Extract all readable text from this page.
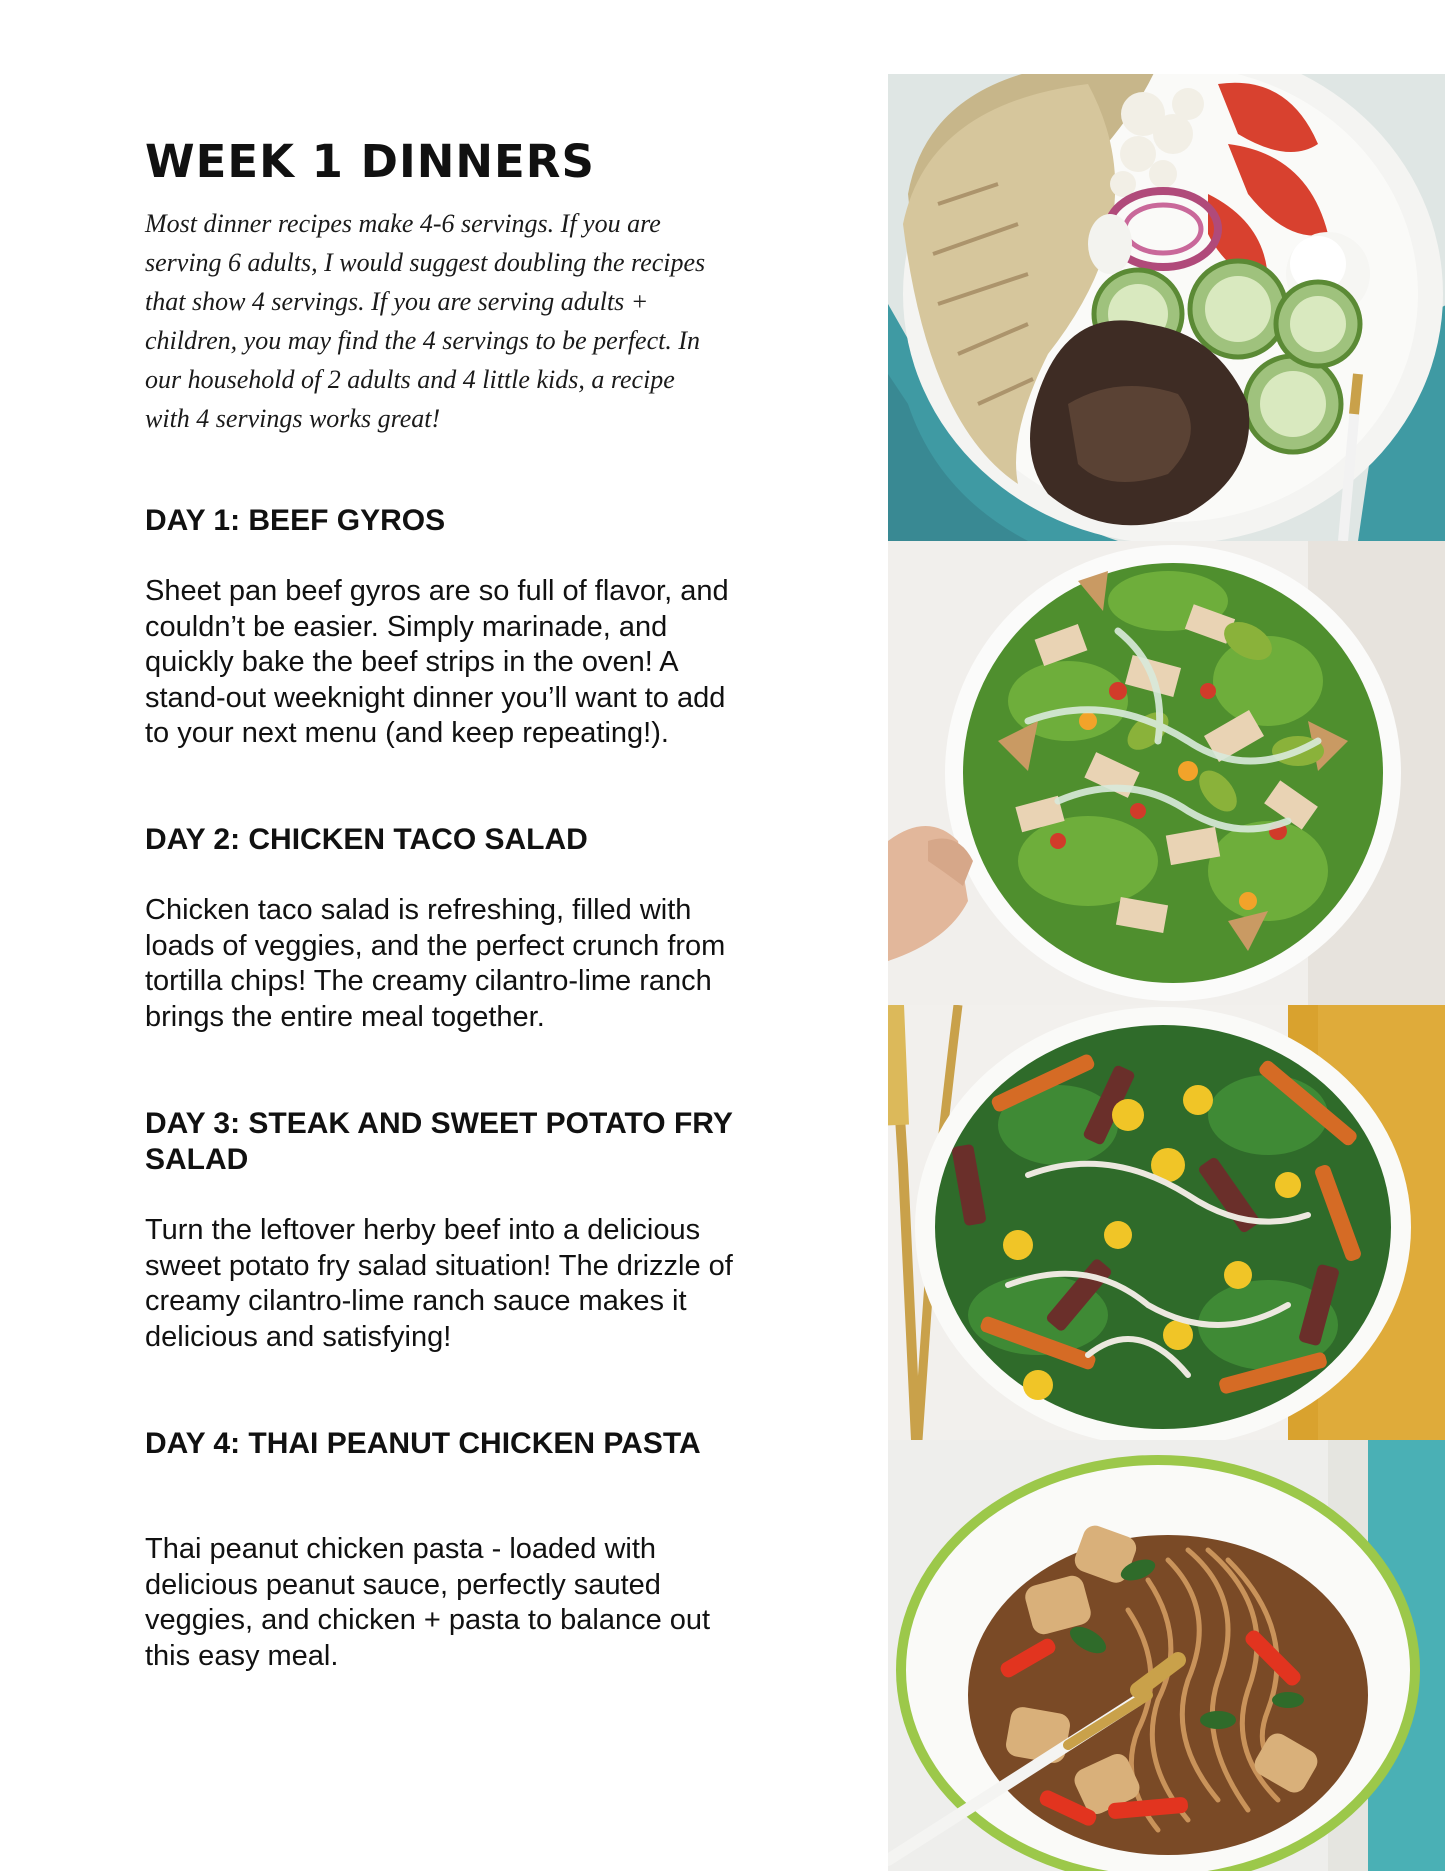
WEEK 1 DINNERS

Most dinner recipes make 4-6 servings. If you are serving 6 adults, I would suggest doubling the recipes that show 4 servings. If you are serving adults + children, you may find the 4 servings to be perfect. In our household of 2 adults and 4 little kids, a recipe with 4 servings works great!

DAY 1: BEEF GYROS

Sheet pan beef gyros are so full of flavor, and couldn’t be easier. Simply marinade, and quickly bake the beef strips in the oven! A stand-out weeknight dinner you’ll want to add to your next menu (and keep repeating!).

DAY 2: CHICKEN TACO SALAD

Chicken taco salad is refreshing, filled with loads of veggies, and the perfect crunch from tortilla chips! The creamy cilantro-lime ranch brings the entire meal together.

DAY 3: STEAK AND SWEET POTATO FRY SALAD

Turn the leftover herby beef into a delicious sweet potato fry salad situation! The drizzle of creamy cilantro-lime ranch sauce makes it delicious and satisfying!

DAY 4: THAI PEANUT CHICKEN PASTA

Thai peanut chicken pasta - loaded with delicious peanut sauce, perfectly sauted veggies, and chicken + pasta to balance out this easy meal.
